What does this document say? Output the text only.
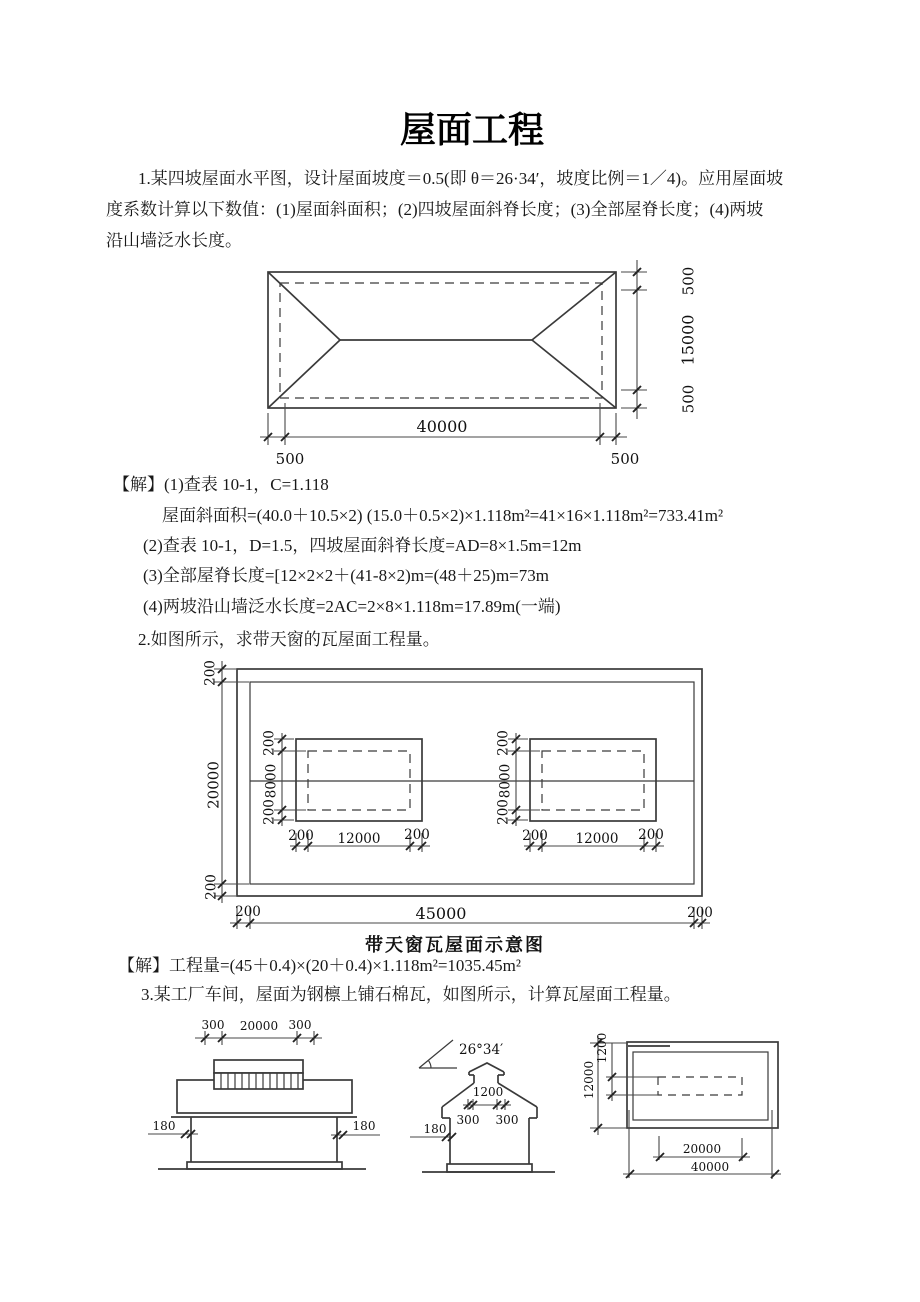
屋面工程
1.某四坡屋面水平图，设计屋面坡度＝0.5(即 θ＝26·34′，坡度比例＝1／4)。应用屋面坡
度系数计算以下数值：(1)屋面斜面积；(2)四坡屋面斜脊长度；(3)全部屋脊长度；(4)两坡
沿山墙泛水长度。
500
15000
500
40000
500	500
【解】(1)查表 10-1，C=1.118
屋面斜面积=(40.0＋10.5×2) (15.0＋0.5×2)×1.118m²=41×16×1.118m²=733.41m²
(2)查表 10-1，D=1.5，四坡屋面斜脊长度=AD=8×1.5m=12m
(3)全部屋脊长度=[12×2×2＋(41-8×2)m=(48＋25)m=73m
(4)两坡沿山墙泛水长度=2AC=2×8×1.118m=17.89m(一端)
2.如图所示，求带天窗的瓦屋面工程量。
200
20000
200
200
8000
200
200 12000 200
200
8000
200
200 12000 200
200	45000	200
带天窗瓦屋面示意图
【解】工程量=(45＋0.4)×(20＋0.4)×1.118m²=1035.45m²
3.某工厂车间，屋面为钢檩上铺石棉瓦，如图所示，计算瓦屋面工程量。
300 20000 300
180	180
26°34′
1200
300 300
180
12000
1200
20000
40000
